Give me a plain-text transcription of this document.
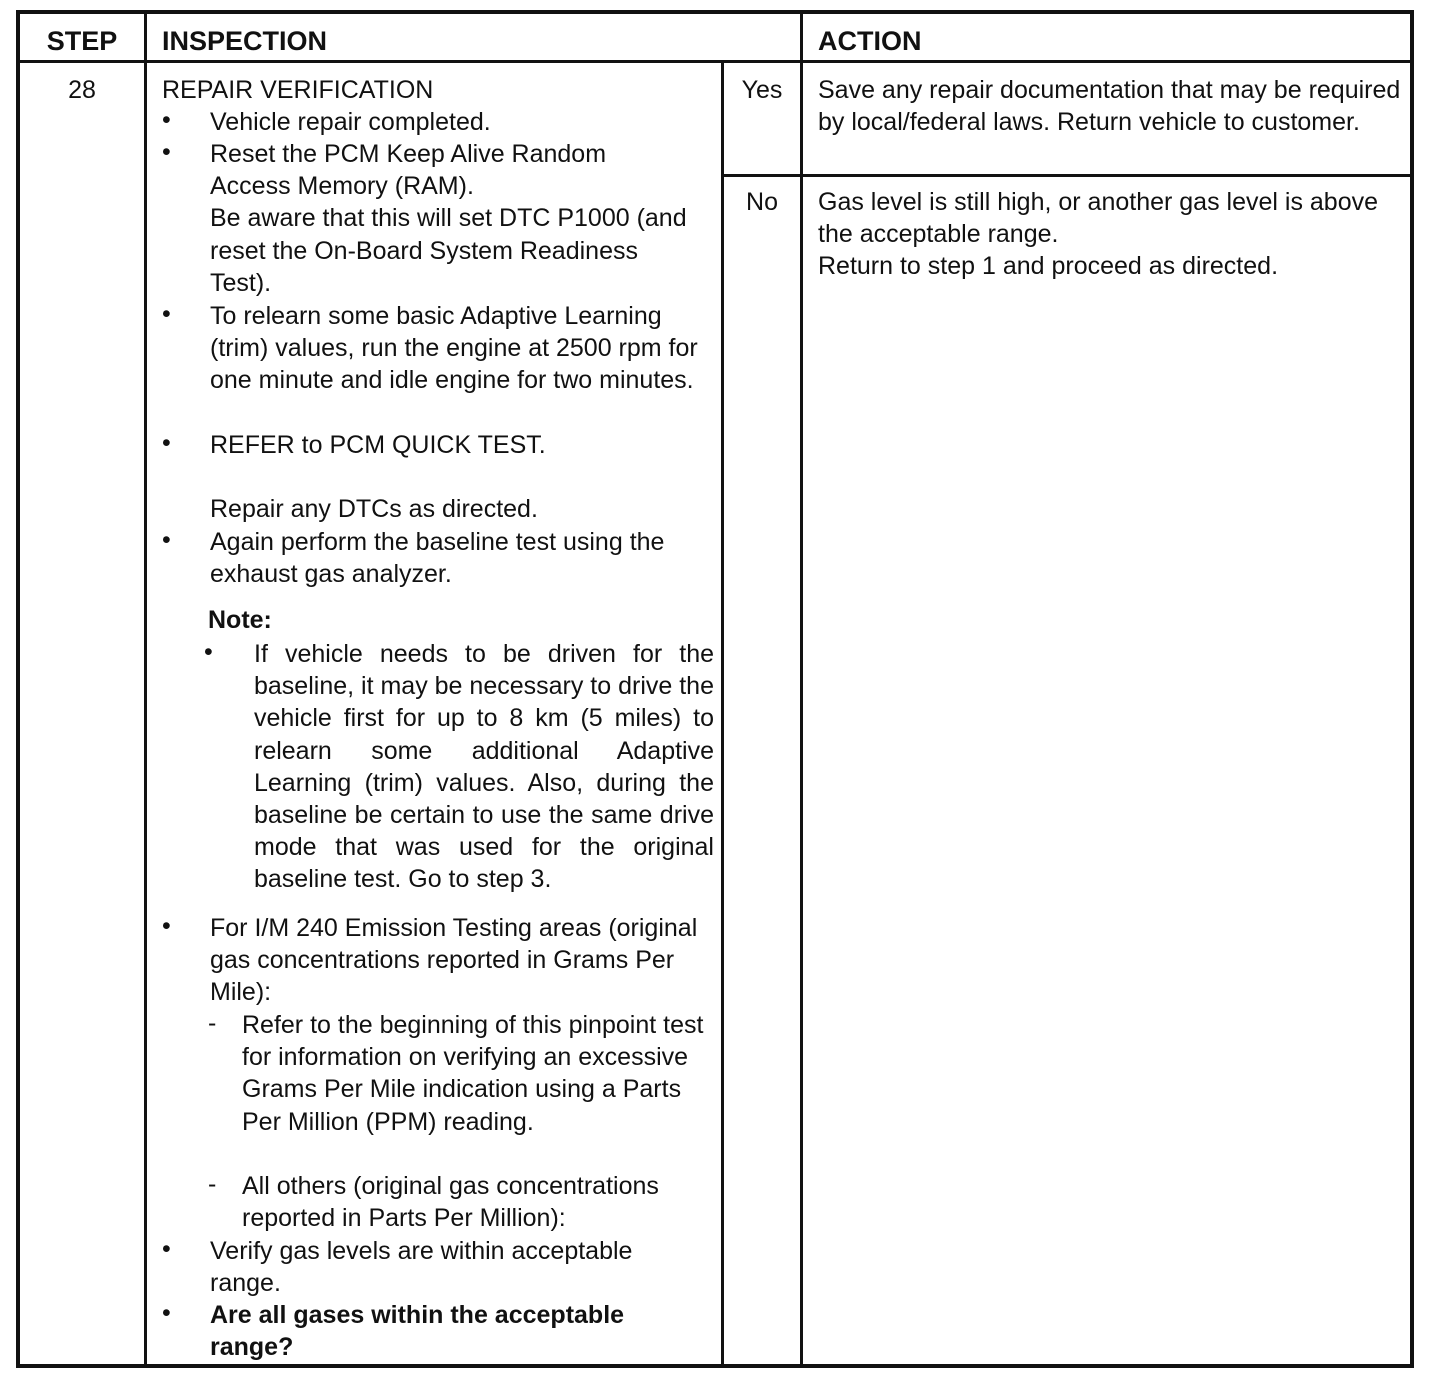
STEP	INSPECTION	ACTION
28	REPAIR VERIFICATION
•
Vehicle repair completed.
•
Reset the PCM Keep Alive Random Access Memory (RAM).
Be aware that this will set DTC P1000 (and reset the On-Board System Readiness Test).
•
To relearn some basic Adaptive Learning (trim) values, run the engine at 2500 rpm for one minute and idle engine for two minutes.
•
REFER to PCM QUICK TEST.

Repair any DTCs as directed.
•
Again perform the baseline test using the exhaust gas analyzer.
Note:
• If vehicle needs to be driven for the baseline, it may be necessary to drive the vehicle first for up to 8 km (5 miles) to relearn some additional Adaptive Learning (trim) values. Also, during the baseline be certain to use the same drive mode that was used for the original baseline test. Go to step 3.
•
For I/M 240 Emission Testing areas (original gas concentrations reported in Grams Per Mile):
- Refer to the beginning of this pinpoint test for information on verifying an excessive Grams Per Mile indication using a Parts Per Million (PPM) reading.
- All others (original gas concentrations reported in Parts Per Million):
•
Verify gas levels are within acceptable range.
•
Are all gases within the acceptable range?
Yes	Save any repair documentation that may be required by local/federal laws. Return vehicle to customer.
No	Gas level is still high, or another gas level is above the acceptable range.
Return to step 1 and proceed as directed.
